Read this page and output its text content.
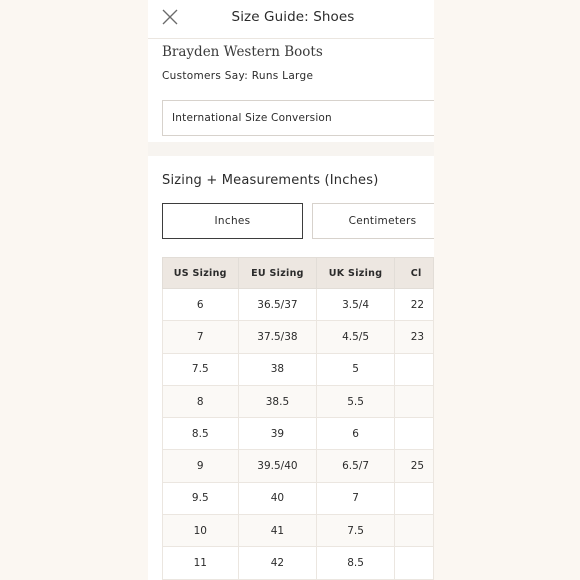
Size Guide: Shoes
Brayden Western Boots
Customers Say: Runs Large
International Size Conversion
Sizing + Measurements (Inches)
Inches	Centimeters
US Sizing	EU Sizing	UK Sizing	Cl
6	36.5/37	3.5/4	22
7	37.5/38	4.5/5	23
7.5	38	5	
8	38.5	5.5	
8.5	39	6	
9	39.5/40	6.5/7	25
9.5	40	7	
10	41	7.5	
11	42	8.5	
